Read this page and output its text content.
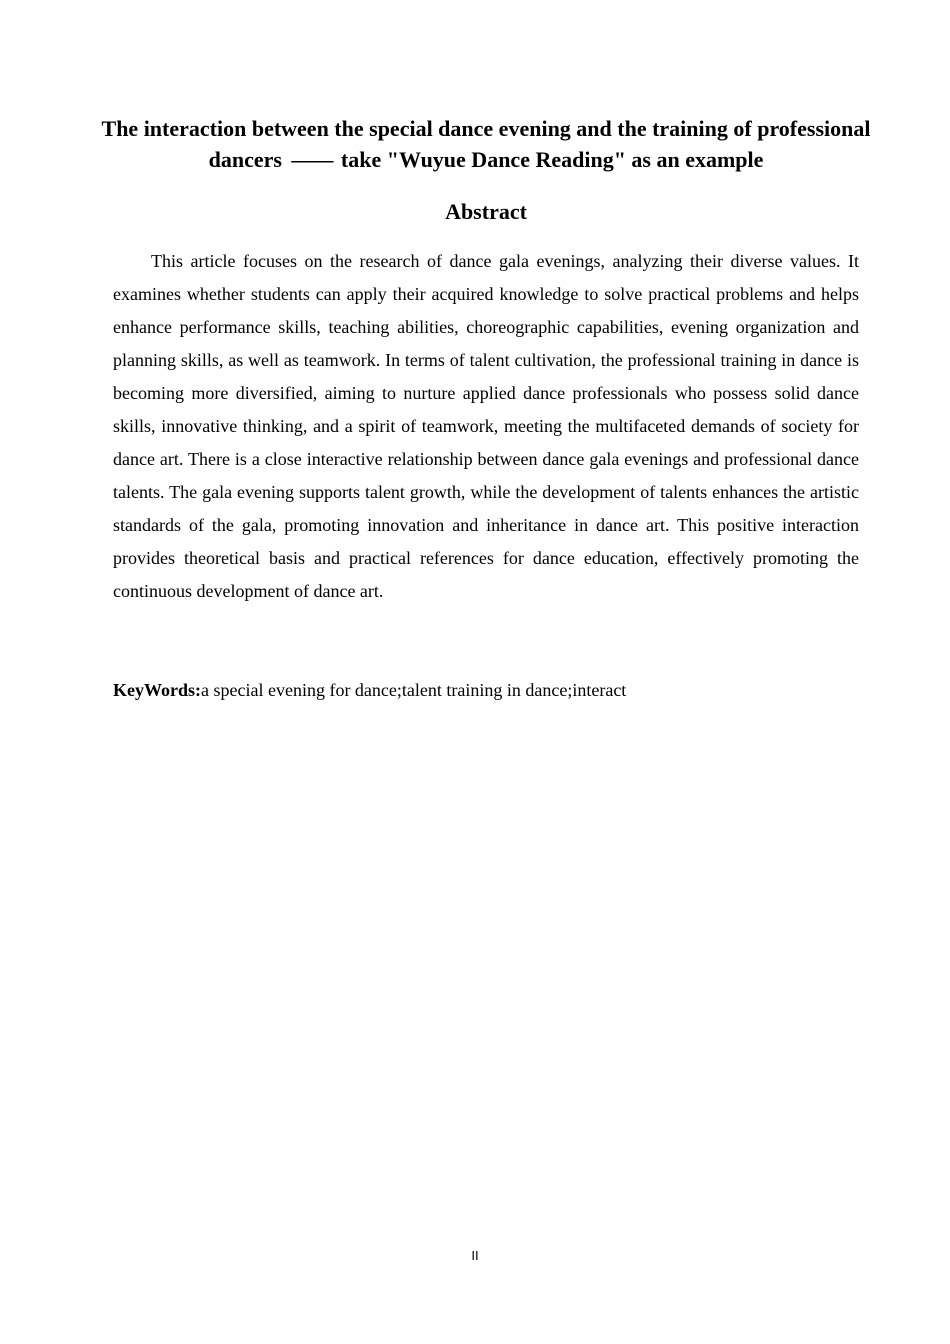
The interaction between the special dance evening and the training of professional dancers —— take "Wuyue Dance Reading" as an example
Abstract

This article focuses on the research of dance gala evenings, analyzing their diverse values. It examines whether students can apply their acquired knowledge to solve practical problems and helps enhance performance skills, teaching abilities, choreographic capabilities, evening organization and planning skills, as well as teamwork. In terms of talent cultivation, the professional training in dance is becoming more diversified, aiming to nurture applied dance professionals who possess solid dance skills, innovative thinking, and a spirit of teamwork, meeting the multifaceted demands of society for dance art. There is a close interactive relationship between dance gala evenings and professional dance talents. The gala evening supports talent growth, while the development of talents enhances the artistic standards of the gala, promoting innovation and inheritance in dance art. This positive interaction provides theoretical basis and practical references for dance education, effectively promoting the continuous development of dance art.

KeyWords:a special evening for dance;talent training in dance;interact

II
